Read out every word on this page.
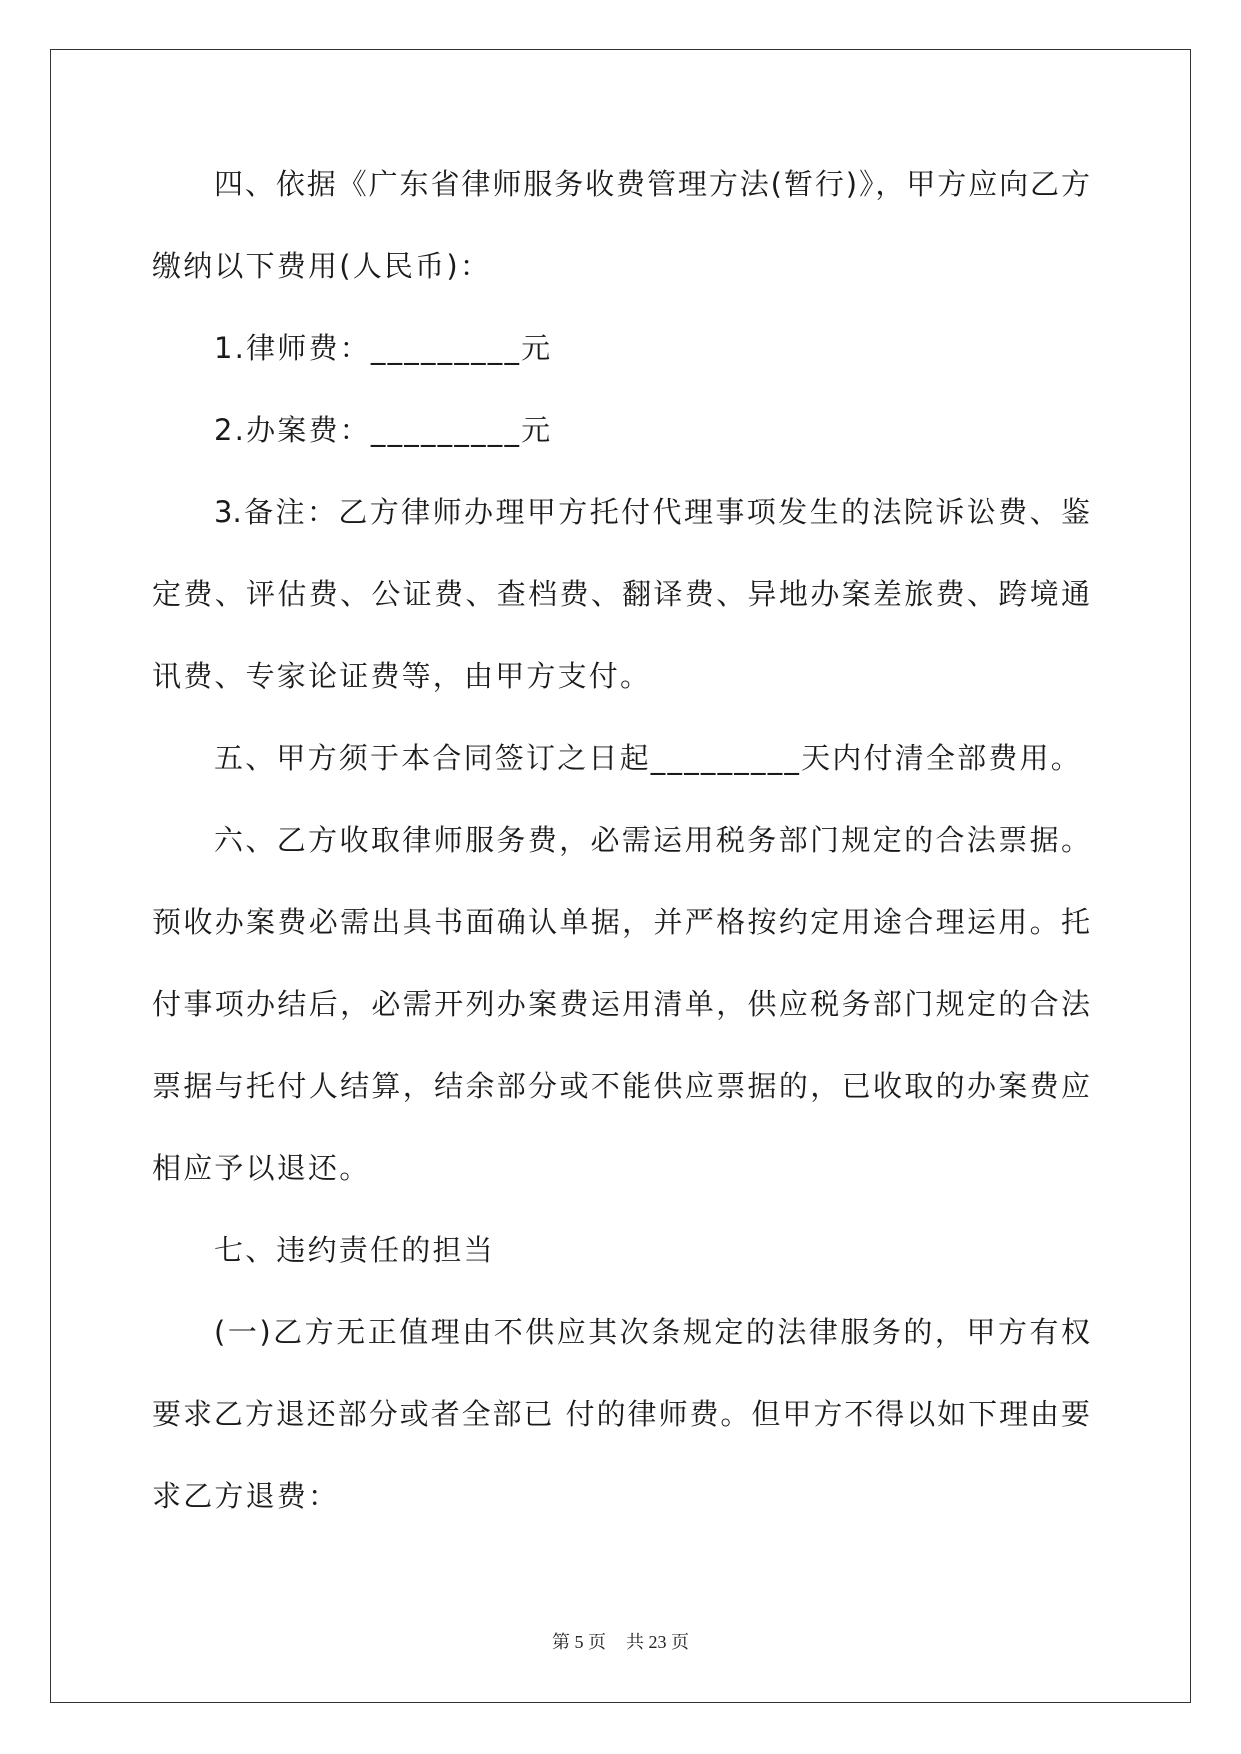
四、依据《广东省律师服务收费管理方法(暂行)》，甲方应向乙方
缴纳以下费用(人民币)：
1.律师费：_________元
2.办案费：_________元
3.备注：乙方律师办理甲方托付代理事项发生的法院诉讼费、鉴
定费、评估费、公证费、查档费、翻译费、异地办案差旅费、跨境通
讯费、专家论证费等，由甲方支付。
五、甲方须于本合同签订之日起_________天内付清全部费用。
六、乙方收取律师服务费，必需运用税务部门规定的合法票据。
预收办案费必需出具书面确认单据，并严格按约定用途合理运用。托
付事项办结后，必需开列办案费运用清单，供应税务部门规定的合法
票据与托付人结算，结余部分或不能供应票据的，已收取的办案费应
相应予以退还。
七、违约责任的担当
(一)乙方无正值理由不供应其次条规定的法律服务的，甲方有权
要求乙方退还部分或者全部已 付的律师费。但甲方不得以如下理由要
求乙方退费：
第 5 页 共 23 页
